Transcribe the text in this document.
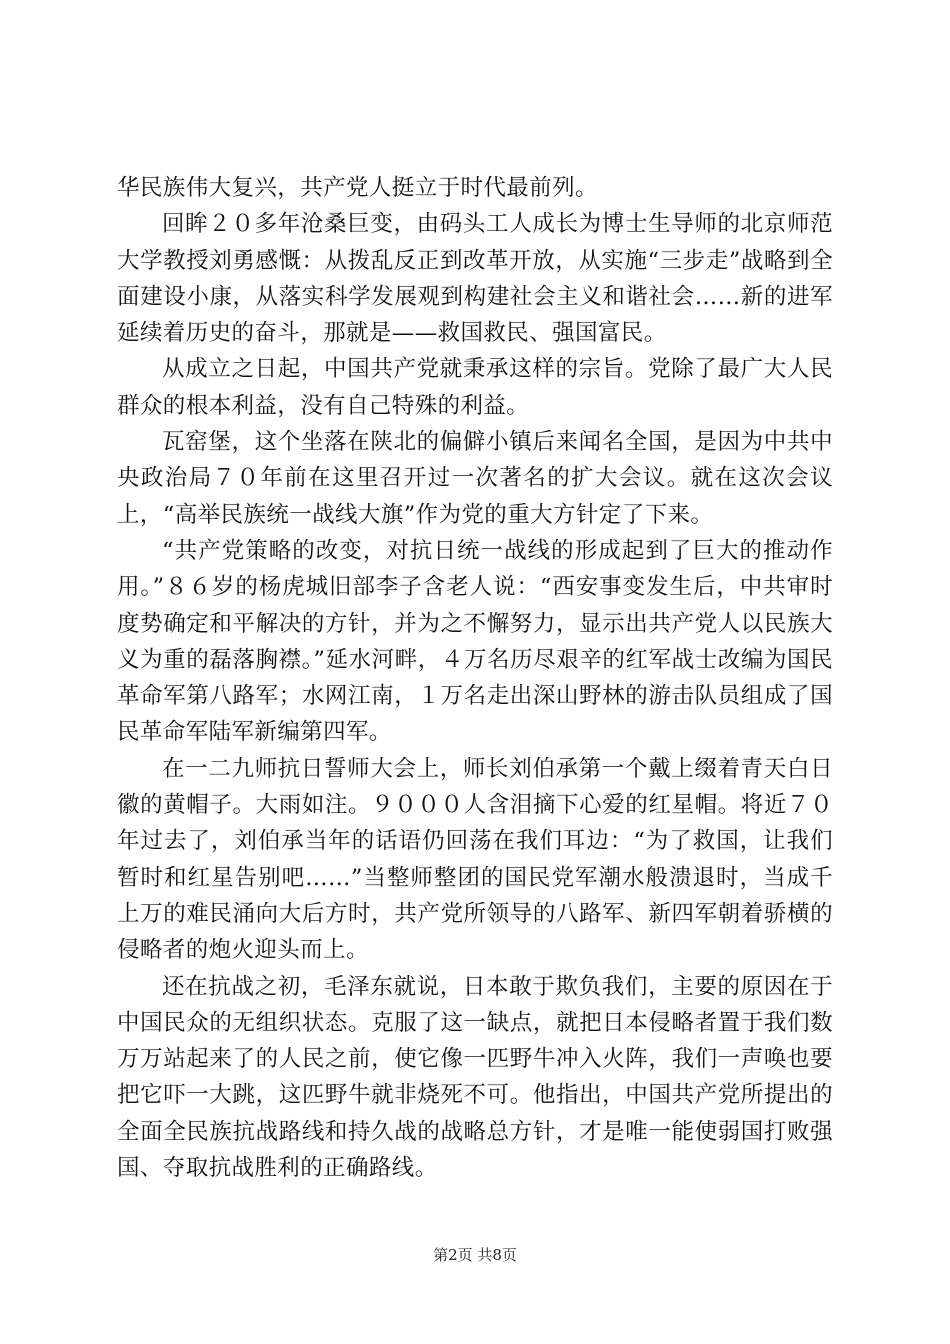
华民族伟大复兴，共产党人挺立于时代最前列。

回眸２０多年沧桑巨变，由码头工人成长为博士生导师的北京师范大学教授刘勇感慨：从拨乱反正到改革开放，从实施“三步走”战略到全面建设小康，从落实科学发展观到构建社会主义和谐社会……新的进军延续着历史的奋斗，那就是——救国救民、强国富民。

从成立之日起，中国共产党就秉承这样的宗旨。党除了最广大人民群众的根本利益，没有自己特殊的利益。

瓦窑堡，这个坐落在陕北的偏僻小镇后来闻名全国，是因为中共中央政治局７０年前在这里召开过一次著名的扩大会议。就在这次会议上，“高举民族统一战线大旗”作为党的重大方针定了下来。

“共产党策略的改变，对抗日统一战线的形成起到了巨大的推动作用。”８６岁的杨虎城旧部李子含老人说：“西安事变发生后，中共审时度势确定和平解决的方针，并为之不懈努力，显示出共产党人以民族大义为重的磊落胸襟。”延水河畔，４万名历尽艰辛的红军战士改编为国民革命军第八路军；水网江南，１万名走出深山野林的游击队员组成了国民革命军陆军新编第四军。

在一二九师抗日誓师大会上，师长刘伯承第一个戴上缀着青天白日徽的黄帽子。大雨如注。９０００人含泪摘下心爱的红星帽。将近７０年过去了，刘伯承当年的话语仍回荡在我们耳边：“为了救国，让我们暂时和红星告别吧……”当整师整团的国民党军潮水般溃退时，当成千上万的难民涌向大后方时，共产党所领导的八路军、新四军朝着骄横的侵略者的炮火迎头而上。

还在抗战之初，毛泽东就说，日本敢于欺负我们，主要的原因在于中国民众的无组织状态。克服了这一缺点，就把日本侵略者置于我们数万万站起来了的人民之前，使它像一匹野牛冲入火阵，我们一声唤也要把它吓一大跳，这匹野牛就非烧死不可。他指出，中国共产党所提出的全面全民族抗战路线和持久战的战略总方针，才是唯一能使弱国打败强国、夺取抗战胜利的正确路线。

第2页 共8页
